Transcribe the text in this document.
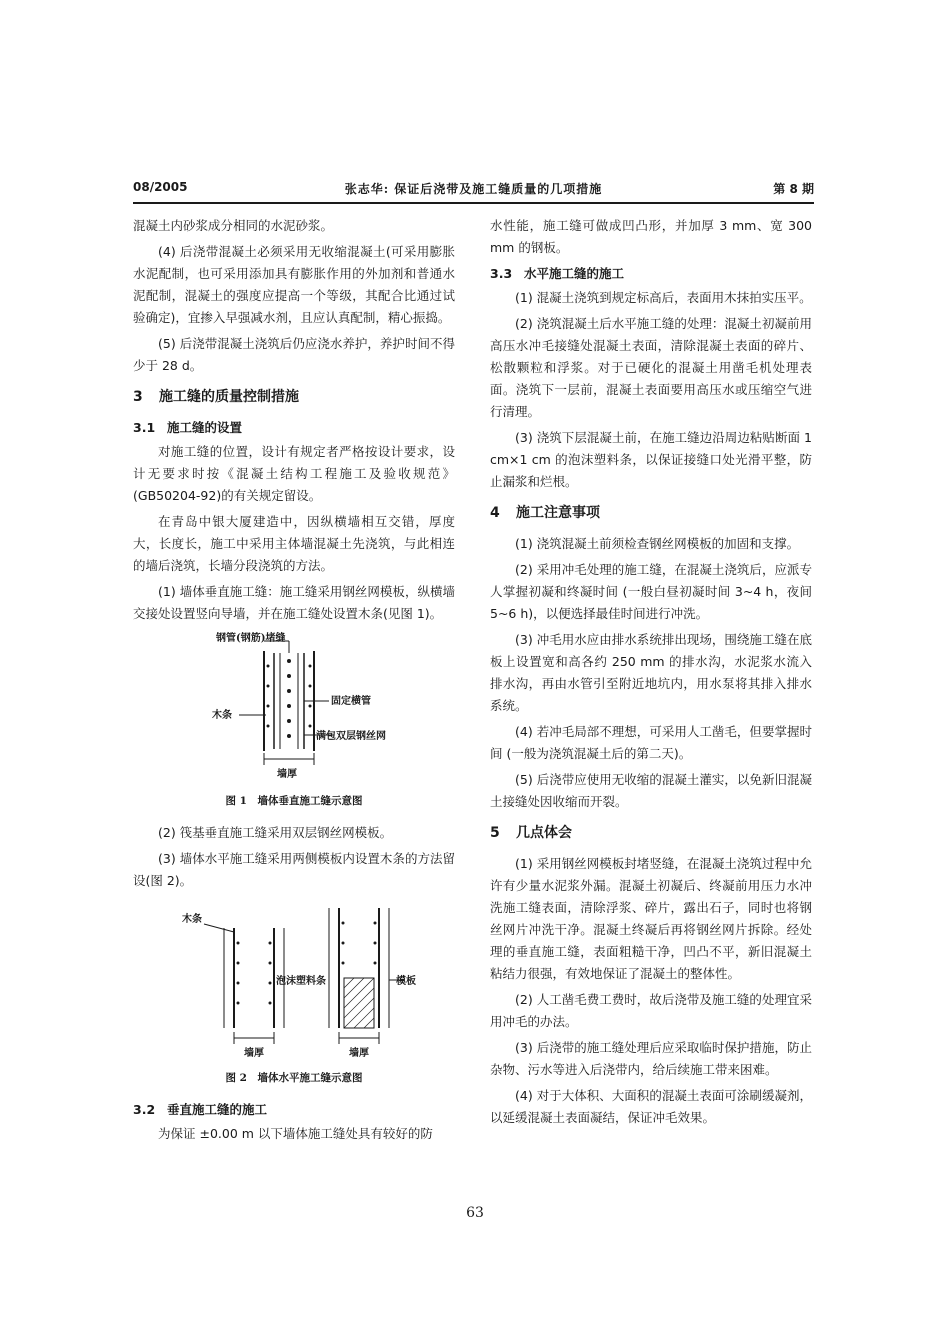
08/2005	张志华: 保证后浇带及施工缝质量的几项措施	第 8 期

混凝土内砂浆成分相同的水泥砂浆。

(4) 后浇带混凝土必须采用无收缩混凝土(可采用膨胀水泥配制，也可采用添加具有膨胀作用的外加剂和普通水泥配制，混凝土的强度应提高一个等级，其配合比通过试验确定)，宜掺入早强减水剂，且应认真配制，精心振捣。

(5) 后浇带混凝土浇筑后仍应浇水养护，养护时间不得少于 28 d。

3 施工缝的质量控制措施
3.1 施工缝的设置

对施工缝的位置，设计有规定者严格按设计要求，设计无要求时按《混凝土结构工程施工及验收规范》(GB50204-92)的有关规定留设。

在青岛中银大厦建造中，因纵横墙相互交错，厚度大，长度长，施工中采用主体墙混凝土先浇筑，与此相连的墙后浇筑，长墙分段浇筑的方法。

(1) 墙体垂直施工缝：施工缝采用钢丝网模板，纵横墙交接处设置竖向导墙，并在施工缝处设置木条(见图 1)。

钢管(钢筋)堵缝
固定横管
木条
满包双层钢丝网
墙厚
图 1　墙体垂直施工缝示意图

(2) 筏基垂直施工缝采用双层钢丝网模板。

(3) 墙体水平施工缝采用两侧模板内设置木条的方法留设(图 2)。

木条
泡沫塑料条	模板
墙厚	墙厚
图 2　墙体水平施工缝示意图
3.2 垂直施工缝的施工

为保证 ±0.00 m 以下墙体施工缝处具有较好的防

水性能，施工缝可做成凹凸形，并加厚 3 mm、宽 300 mm 的钢板。

3.3 水平施工缝的施工

(1) 混凝土浇筑到规定标高后，表面用木抹拍实压平。

(2) 浇筑混凝土后水平施工缝的处理：混凝土初凝前用高压水冲毛接缝处混凝土表面，清除混凝土表面的碎片、松散颗粒和浮浆。对于已硬化的混凝土用凿毛机处理表面。浇筑下一层前，混凝土表面要用高压水或压缩空气进行清理。

(3) 浇筑下层混凝土前，在施工缝边沿周边粘贴断面 1 cm×1 cm 的泡沫塑料条，以保证接缝口处光滑平整，防止漏浆和烂根。

4 施工注意事项

(1) 浇筑混凝土前须检查钢丝网模板的加固和支撑。

(2) 采用冲毛处理的施工缝，在混凝土浇筑后，应派专人掌握初凝和终凝时间 (一般白昼初凝时间 3~4 h，夜间 5~6 h)，以便选择最佳时间进行冲洗。

(3) 冲毛用水应由排水系统排出现场，围绕施工缝在底板上设置宽和高各约 250 mm 的排水沟，水泥浆水流入排水沟，再由水管引至附近地坑内，用水泵将其排入排水系统。

(4) 若冲毛局部不理想，可采用人工凿毛，但要掌握时间 (一般为浇筑混凝土后的第二天)。

(5) 后浇带应使用无收缩的混凝土灌实，以免新旧混凝土接缝处因收缩而开裂。

5 几点体会

(1) 采用钢丝网模板封堵竖缝，在混凝土浇筑过程中允许有少量水泥浆外漏。混凝土初凝后、终凝前用压力水冲洗施工缝表面，清除浮浆、碎片，露出石子，同时也将钢丝网片冲洗干净。混凝土终凝后再将钢丝网片拆除。经处理的垂直施工缝，表面粗糙干净，凹凸不平，新旧混凝土粘结力很强，有效地保证了混凝土的整体性。

(2) 人工凿毛费工费时，故后浇带及施工缝的处理宜采用冲毛的办法。

(3) 后浇带的施工缝处理后应采取临时保护措施，防止杂物、污水等进入后浇带内，给后续施工带来困难。

(4) 对于大体积、大面积的混凝土表面可涂刷缓凝剂，以延缓混凝土表面凝结，保证冲毛效果。

63
